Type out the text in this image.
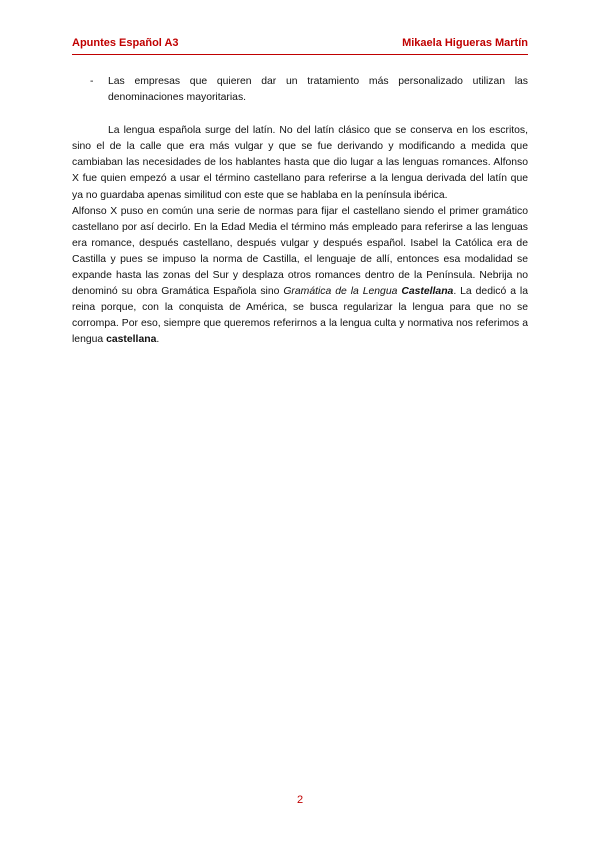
Apuntes Español A3	Mikaela Higueras Martín
- Las empresas que quieren dar un tratamiento más personalizado utilizan las denominaciones mayoritarias.

La lengua española surge del latín. No del latín clásico que se conserva en los escritos, sino el de la calle que era más vulgar y que se fue derivando y modificando a medida que cambiaban las necesidades de los hablantes hasta que dio lugar a las lenguas romances. Alfonso X fue quien empezó a usar el término castellano para referirse a la lengua derivada del latín que ya no guardaba apenas similitud con este que se hablaba en la península ibérica.

Alfonso X puso en común una serie de normas para fijar el castellano siendo el primer gramático castellano por así decirlo. En la Edad Media el término más empleado para referirse a las lenguas era romance, después castellano, después vulgar y después español. Isabel la Católica era de Castilla y pues se impuso la norma de Castilla, el lenguaje de allí, entonces esa modalidad se expande hasta las zonas del Sur y desplaza otros romances dentro de la Península. Nebrija no denominó su obra Gramática Española sino Gramática de la Lengua Castellana. La dedicó a la reina porque, con la conquista de América, se busca regularizar la lengua para que no se corrompa. Por eso, siempre que queremos referirnos a la lengua culta y normativa nos referimos a lengua castellana.

2
